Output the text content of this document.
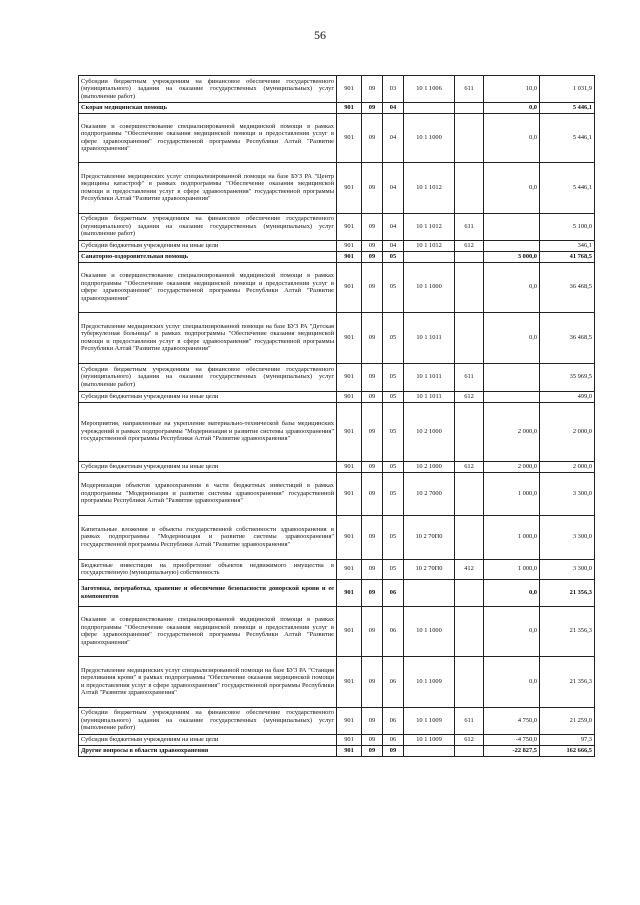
56
Субсидии бюджетным учреждениям на финансовое обеспечение государственного (муниципального) задания на оказание государственных (муниципальных) услуг (выполнение работ)	901	09	03	10 1 1006	611	10,0	1 031,9
Скорая медицинская помощь	901	09	04			0,0	5 446,1
Оказание и совершенствование специализированной медицинской помощи в рамках подпрограммы "Обеспечение оказания медицинской помощи и предоставления услуг в сфере здравоохранения" государственной программы Республики Алтай "Развитие здравоохранения"	901	09	04	10 1 1000		0,0	5 446,1
Предоставление медицинских услуг специализированной помощи на базе БУЗ РА "Центр медицины катастроф" в рамках подпрограммы "Обеспечение оказания медицинской помощи и предоставления услуг в сфере здравоохранения" государственной программы Республики Алтай "Развитие здравоохранения"	901	09	04	10 1 1012		0,0	5 446,1
Субсидии бюджетным учреждениям на финансовое обеспечение государственного (муниципального) задания на оказание государственных (муниципальных) услуг (выполнение работ)	901	09	04	10 1 1012	611		5 100,0
Субсидии бюджетным учреждениям на иные цели	901	09	04	10 1 1012	612		346,1
Санаторно-оздоровительная помощь	901	09	05			3 000,0	41 768,5
Оказание и совершенствование специализированной медицинской помощи в рамках подпрограммы "Обеспечение оказания медицинской помощи и предоставления услуг в сфере здравоохранения" государственной программы Республики Алтай "Развитие здравоохранения"	901	09	05	10 1 1000		0,0	36 468,5
Предоставление медицинских услуг специализированной помощи на базе БУЗ РА "Детская туберкулезная больница" в рамках подпрограммы "Обеспечение оказания медицинской помощи и предоставления услуг в сфере здравоохранения" государственной программы Республики Алтай "Развитие здравоохранения"	901	09	05	10 1 1011		0,0	36 468,5
Субсидии бюджетным учреждениям на финансовое обеспечение государственного (муниципального) задания на оказание государственных (муниципальных) услуг (выполнение работ)	901	09	05	10 1 1011	611		35 969,5
Субсидии бюджетным учреждениям на иные цели	901	09	05	10 1 1011	612		499,0
Мероприятия, направленные на укрепление материально-технической базы медицинских учреждений в рамках подпрограммы "Модернизация и развитие системы здравоохранения" государственной программы Республики Алтай "Развитие здравоохранения"	901	09	05	10 2 1000		2 000,0	2 000,0
Субсидии бюджетным учреждениям на иные цели	901	09	05	10 2 1000	612	2 000,0	2 000,0
Модернизация объектов здравоохранения в части бюджетных инвестиций в рамках подпрограммы "Модернизация и развитие системы здравоохранения" государственной программы Республики Алтай "Развитие здравоохранения"	901	09	05	10 2 7000		1 000,0	3 300,0
Капитальные вложения в объекты государственной собственности здравоохранения в рамках подпрограммы "Модернизация и развитие системы здравоохранения" государственной программы Республики Алтай "Развитие здравоохранения"	901	09	05	10 2 70П0		1 000,0	3 300,0
Бюджетные инвестиции на приобретение объектов недвижимого имущества в государственную (муниципальную) собственность	901	09	05	10 2 70П0	412	1 000,0	3 300,0
Заготовка, переработка, хранение и обеспечение безопасности донорской крови и ее компонентов	901	09	06			0,0	21 356,3
Оказание и совершенствование специализированной медицинской помощи в рамках подпрограммы "Обеспечение оказания медицинской помощи и предоставления услуг в сфере здравоохранения" государственной программы Республики Алтай "Развитие здравоохранения"	901	09	06	10 1 1000		0,0	21 356,3
Предоставление медицинских услуг специализированной помощи на базе БУЗ РА "Станция переливания крови" в рамках подпрограммы "Обеспечение оказания медицинской помощи и предоставления услуг в сфере здравоохранения" государственной программы Республики Алтай "Развитие здравоохранения"	901	09	06	10 1 1009		0,0	21 356,3
Субсидии бюджетным учреждениям на финансовое обеспечение государственного (муниципального) задания на оказание государственных (муниципальных) услуг (выполнение работ)	901	09	06	10 1 1009	611	4 750,0	21 259,0
Субсидии бюджетным учреждениям на иные цели	901	09	06	10 1 1009	612	-4 750,0	97,3
Другие вопросы в области здравоохранения	901	09	09			-22 827,5	162 666,5
